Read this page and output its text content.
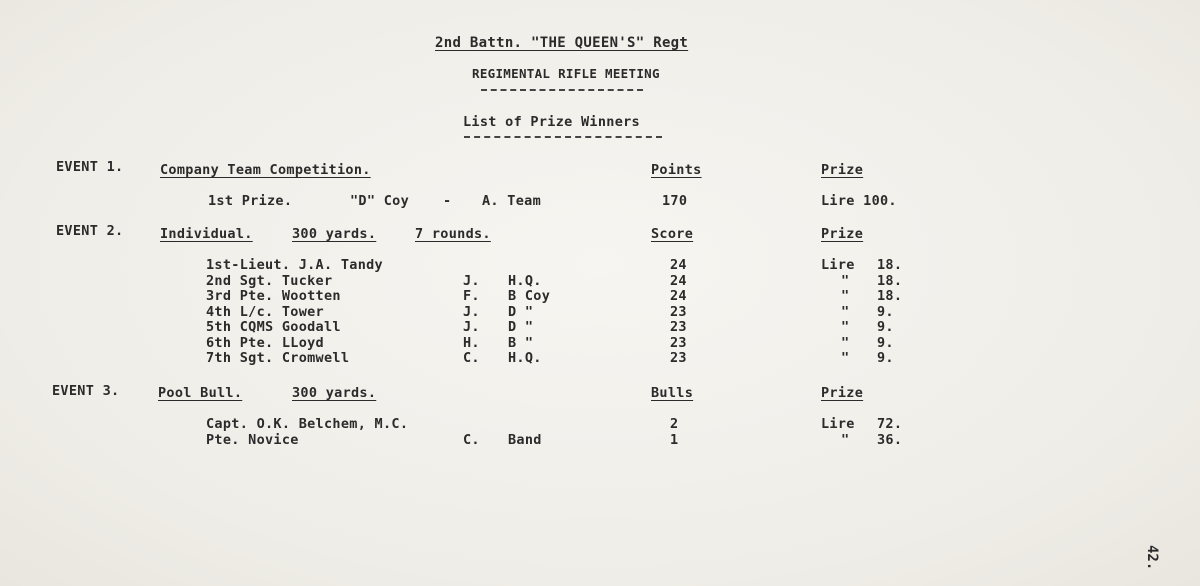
2nd Battn. "THE QUEEN'S" Regt
REGIMENTAL RIFLE MEETING
List of Prize Winners
EVENT 1.	Company Team Competition.	Points	Prize
1st Prize.	"D" Coy	- A. Team	170	Lire 100.
EVENT 2.	Individual.	300 yards.	7 rounds.	Score	Prize
1st-Lieut. J.A. Tandy	24	Lire 18.
2nd Sgt. Tucker	J. H.Q.	24	" 18.
3rd Pte. Wootten	F. B Coy	24	" 18.
4th L/c. Tower	J. D "	23	" 9.
5th CQMS Goodall	J. D "	23	" 9.
6th Pte. LLoyd	H. B "	23	" 9.
7th Sgt. Cromwell	C. H.Q.	23	" 9.
EVENT 3.	Pool Bull.	300 yards.	Bulls	Prize
Capt. O.K. Belchem, M.C.	2	Lire 72.
Pte. Novice	C. Band	1	" 36.
42.
